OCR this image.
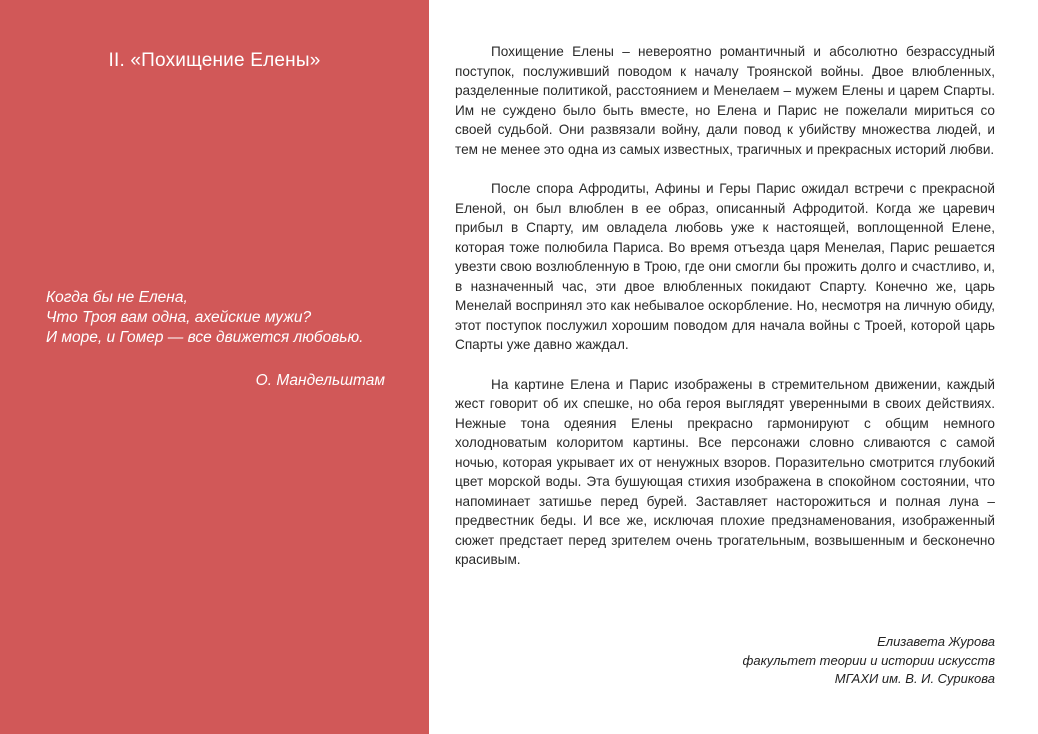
II. «Похищение Елены»
Когда бы не Елена,
Что Троя вам одна, ахейские мужи?
И море, и Гомер — все движется любовью.
О. Мандельштам

Похищение Елены – невероятно романтичный и абсолютно безрассудный поступок, послуживший поводом к началу Троянской войны. Двое влюбленных, разделенные политикой, расстоянием и Менелаем – мужем Елены и царем Спарты. Им не суждено было быть вместе, но Елена и Парис не пожелали мириться со своей судьбой. Они развязали войну, дали повод к убийству множества людей, и тем не менее это одна из самых известных, трагичных и прекрасных историй любви.

После спора Афродиты, Афины и Геры Парис ожидал встречи с прекрасной Еленой, он был влюблен в ее образ, описанный Афродитой. Когда же царевич прибыл в Спарту, им овладела любовь уже к настоящей, воплощенной Елене, которая тоже полюбила Париса. Во время отъезда царя Менелая, Парис решается увезти свою возлюбленную в Трою, где они смогли бы прожить долго и счастливо, и, в назначенный час, эти двое влюбленных покидают Спарту. Конечно же, царь Менелай воспринял это как небывалое оскорбление. Но, несмотря на личную обиду, этот поступок послужил хорошим поводом для начала войны с Троей, которой царь Спарты уже давно жаждал.

На картине Елена и Парис изображены в стремительном движении, каждый жест говорит об их спешке, но оба героя выглядят уверенными в своих действиях. Нежные тона одеяния Елены прекрасно гармонируют с общим немного холодноватым колоритом картины. Все персонажи словно сливаются с самой ночью, которая укрывает их от ненужных взоров. Поразительно смотрится глубокий цвет морской воды. Эта бушующая стихия изображена в спокойном состоянии, что напоминает затишье перед бурей. Заставляет насторожиться и полная луна – предвестник беды. И все же, исключая плохие предзнаменования, изображенный сюжет предстает перед зрителем очень трогательным, возвышенным и бесконечно красивым.

Елизавета Журова
факультет теории и истории искусств
МГАХИ им. В. И. Сурикова
